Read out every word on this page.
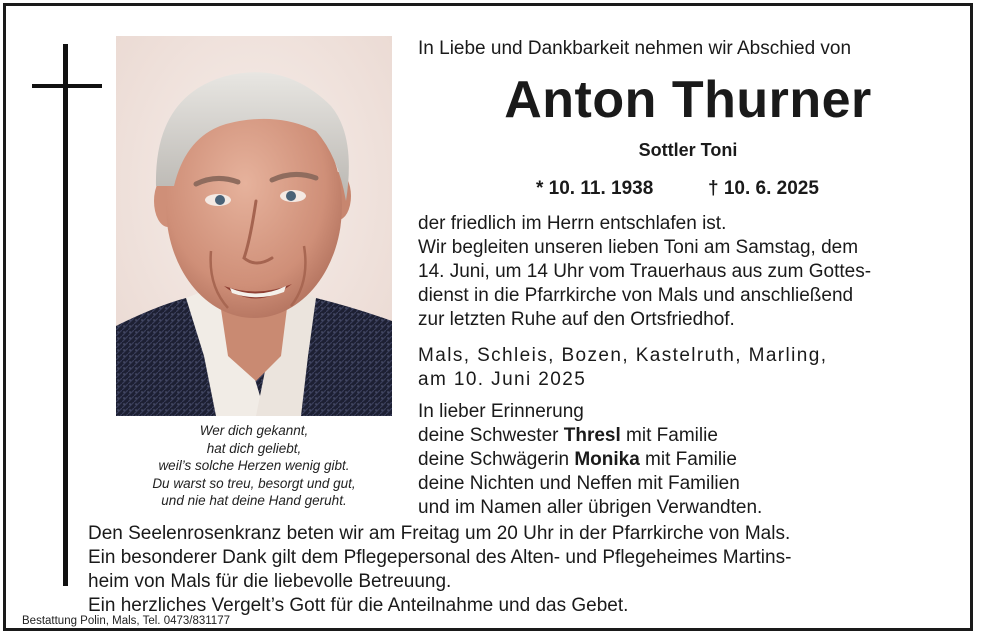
Wer dich gekannt,
hat dich geliebt,
weil’s solche Herzen wenig gibt.
Du warst so treu, besorgt und gut,
und nie hat deine Hand geruht.
In Liebe und Dankbarkeit nehmen wir Abschied von
Anton Thurner
Sottler Toni
* 10. 11. 1938	† 10. 6. 2025
der friedlich im Herrn entschlafen ist.
Wir begleiten unseren lieben Toni am Samstag, dem
14. Juni, um 14 Uhr vom Trauerhaus aus zum Gottes-
dienst in die Pfarrkirche von Mals und anschließend
zur letzten Ruhe auf den Ortsfriedhof.
Mals, Schleis, Bozen, Kastelruth, Marling,
am 10. Juni 2025
In lieber Erinnerung
deine Schwester Thresl mit Familie
deine Schwägerin Monika mit Familie
deine Nichten und Neffen mit Familien
und im Namen aller übrigen Verwandten.
Den Seelenrosenkranz beten wir am Freitag um 20 Uhr in der Pfarrkirche von Mals.
Ein besonderer Dank gilt dem Pflegepersonal des Alten- und Pflegeheimes Martins-
heim von Mals für die liebevolle Betreuung.
Ein herzliches Vergelt’s Gott für die Anteilnahme und das Gebet.
Bestattung Polin, Mals, Tel. 0473/831177
